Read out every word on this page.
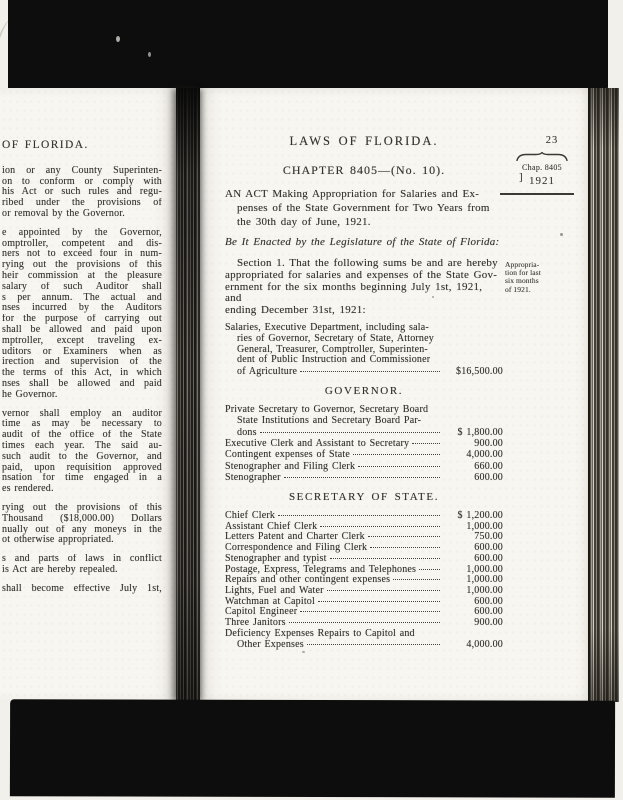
OF FLORIDA.
ion or any County Superinten-
on to conform or comply with
his Act or such rules and regu-
ribed under the provisions of
or removal by the Governor.
e appointed by the Governor,
omptroller, competent and dis-
ners not to exceed four in num-
rying out the provisions of this
heir commission at the pleasure
salary of such Auditor shall
s per annum. The actual and
nses incurred by the Auditors
for the purpose of carrying out
shall be allowed and paid upon
mptroller, except traveling ex-
uditors or Examiners when as
irection and supervision of the
the terms of this Act, in which
nses shall be allowed and paid
he Governor.
vernor shall employ an auditor
time as may be necessary to
audit of the office of the State
times each year. The said au-
such audit to the Governor, and
paid, upon requisition approved
nsation for time engaged in a
es rendered.
rying out the provisions of this
Thousand ($18,000.00) Dollars
nually out of any moneys in the
ot otherwise appropriated.
s and parts of laws in conflict
is Act are hereby repealed.
shall become effective July 1st,
23
Chap. 8405
1921
]
Appropria-
tion for last
six months
of 1921.
LAWS OF FLORIDA.
CHAPTER 8405—(No. 10).
AN ACT Making Appropriation for Salaries and Ex-
penses of the State Government for Two Years from
the 30th day of June, 1921.
Be It Enacted by the Legislature of the State of Florida:
Section 1. That the following sums be and are hereby
appropriated for salaries and expenses of the State Gov-
ernment for the six months beginning July 1st, 1921, and
ending December 31st, 1921:
Salaries, Executive Department, including sala-
ries of Governor, Secretary of State, Attorney
General, Treasurer, Comptroller, Superinten-
dent of Public Instruction and Commissioner
of Agriculture	$16,500.00
GOVERNOR.
Private Secretary to Governor, Secretary Board
State Institutions and Secretary Board Par-
dons	$ 1,800.00
Executive Clerk and Assistant to Secretary	900.00
Contingent expenses of State	4,000.00
Stenographer and Filing Clerk	660.00
Stenographer	600.00
SECRETARY OF STATE.
Chief Clerk	$ 1,200.00
Assistant Chief Clerk	1,000.00
Letters Patent and Charter Clerk	750.00
Correspondence and Filing Clerk	600.00
Stenographer and typist	600.00
Postage, Express, Telegrams and Telephones	1,000.00
Repairs and other contingent expenses	1,000.00
Lights, Fuel and Water	1,000.00
Watchman at Capitol	600.00
Capitol Engineer	600.00
Three Janitors	900.00
Deficiency Expenses Repairs to Capitol and
Other Expenses	4,000.00
